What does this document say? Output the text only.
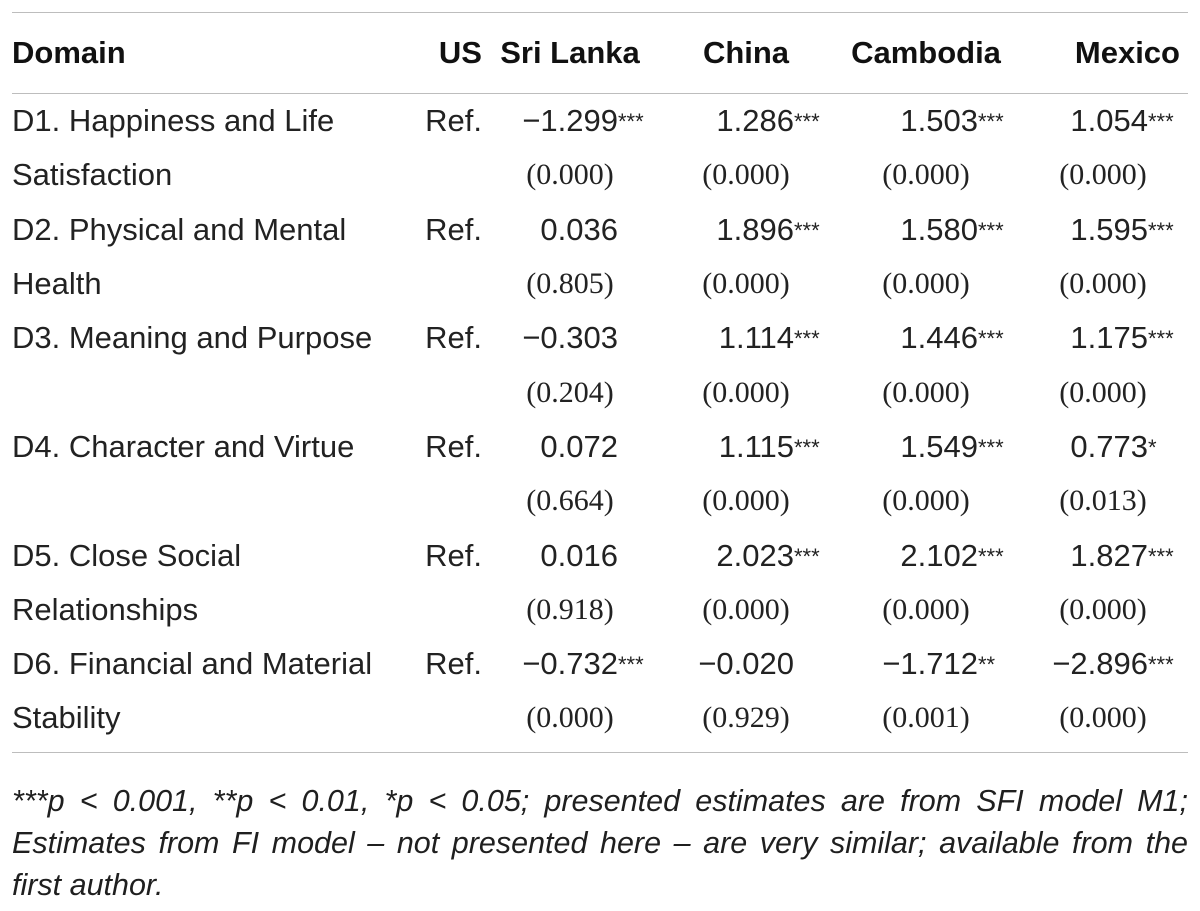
Domain	US	Sri Lanka	China	Cambodia	Mexico

D1. Happiness and Life	Ref.	−1.299 ***	1.286 ***	1.503 ***	1.054 ***

Satisfaction		(0.000)	(0.000)	(0.000)	(0.000)
D2. Physical and Mental	Ref.	0.036	1.896 ***	1.580 ***	1.595 ***

Health		(0.805)	(0.000)	(0.000)	(0.000)
D3. Meaning and Purpose	Ref.	−0.303	1.114 ***	1.446 ***	1.175 ***

		(0.204)	(0.000)	(0.000)	(0.000)
D4. Character and Virtue	Ref.	0.072	1.115 ***	1.549 ***	0.773 *

		(0.664)	(0.000)	(0.000)	(0.013)
D5. Close Social	Ref.	0.016	2.023 ***	2.102 ***	1.827 ***

Relationships		(0.918)	(0.000)	(0.000)	(0.000)
D6. Financial and Material	Ref.	−0.732 ***	−0.020	−1.712 **	−2.896 ***

Stability		(0.000)	(0.929)	(0.001)	(0.000)
***p < 0.001, **p < 0.01, *p < 0.05; presented estimates are from SFI model M1; Estimates from FI model – not presented here – are very similar; available from the first author.
